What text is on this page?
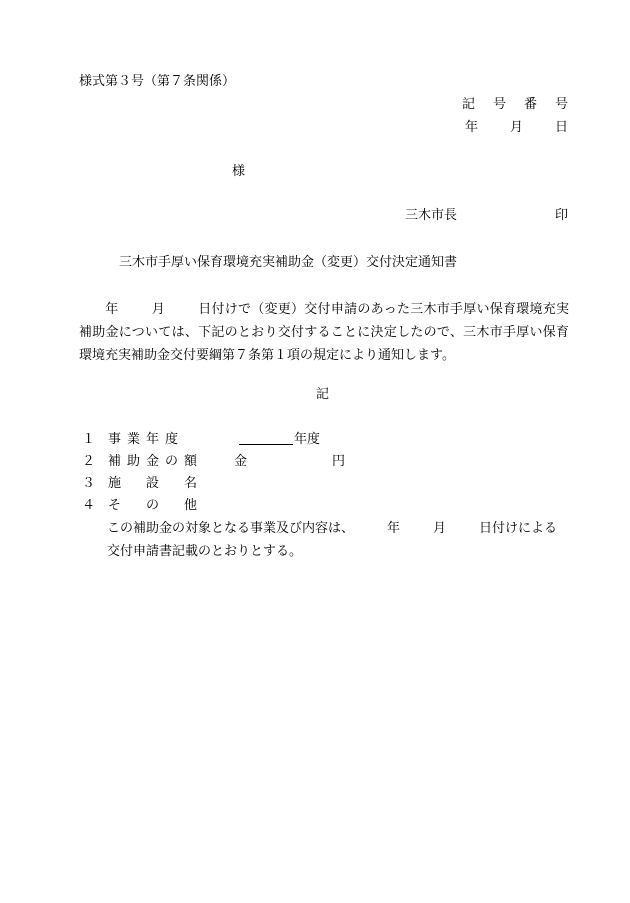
様式第３号（第７条関係）
記号番号
年 月 日
様
三木市長	印
三木市手厚い保育環境充実補助金（変更）交付決定通知書
年	月	日付けで（変更）交付申請のあった三木市手厚い保育環境充実補助金については、下記のとおり交付することに決定したので、三木市手厚い保育環境充実補助金交付要綱第７条第１項の規定により通知します。
記
１ 事業年度	年度
２ 補助金の額 金	円
３ 施　設　名
４ そ　の　他
この補助金の対象となる事業及び内容は、	年	月	日付けによる交付申請書記載のとおりとする。
